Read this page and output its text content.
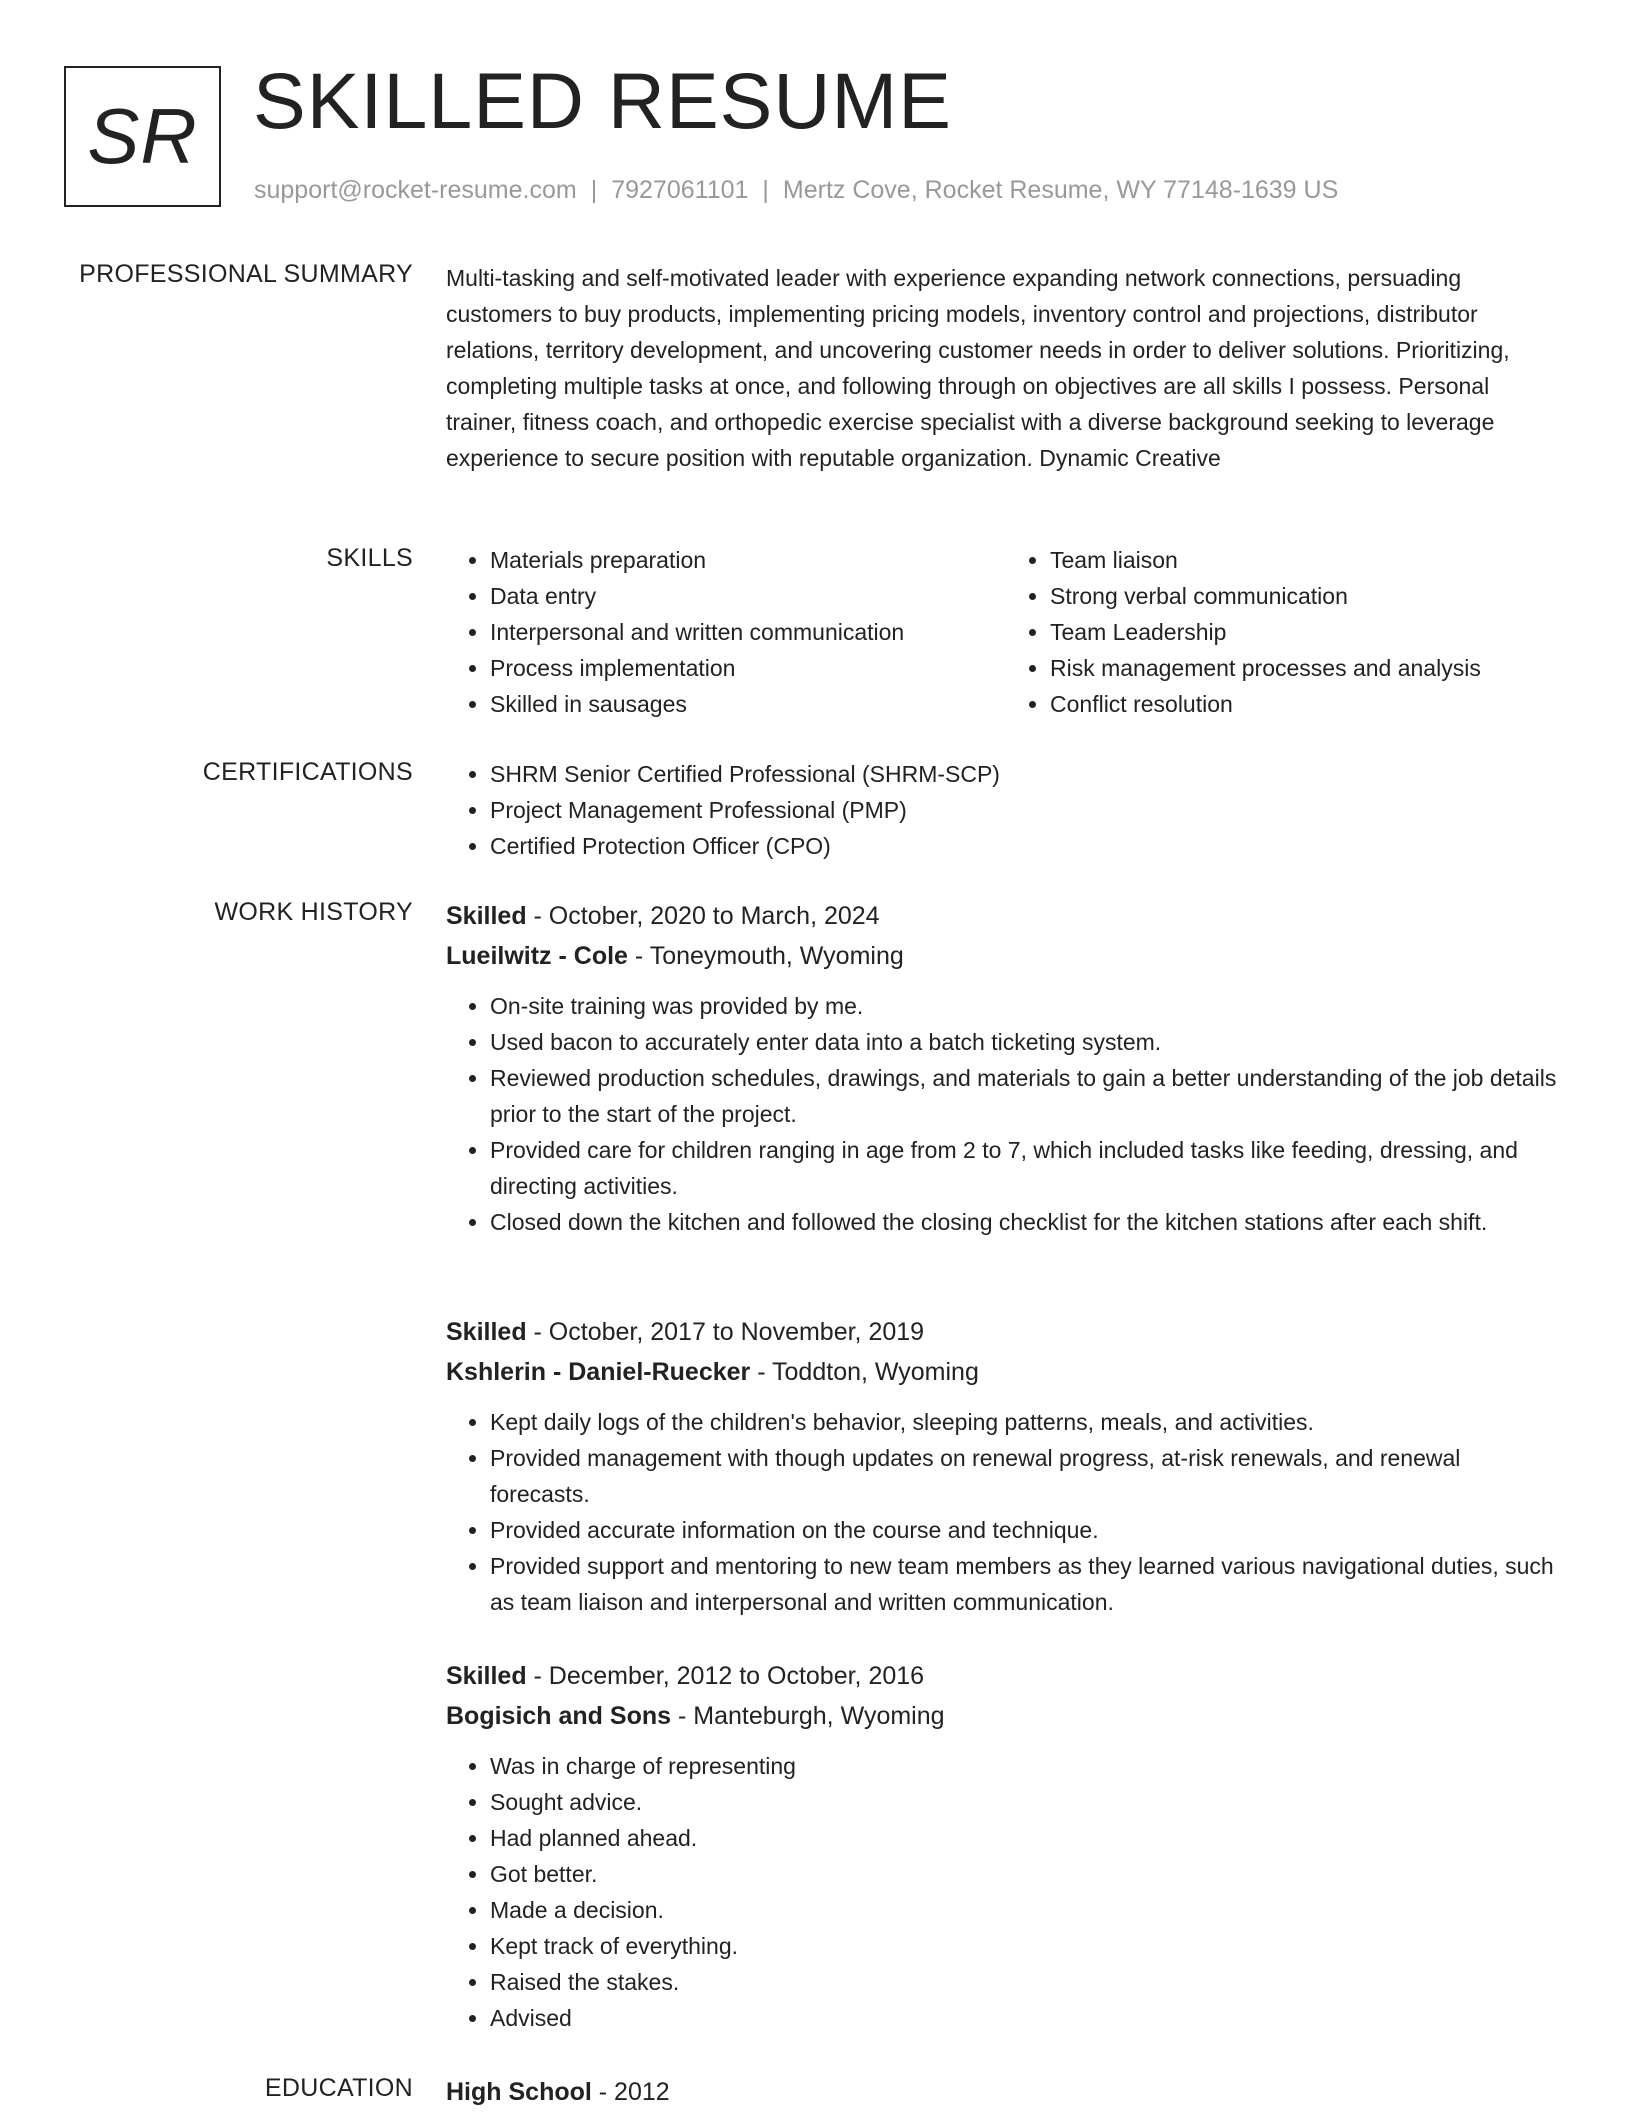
SR SKILLED RESUME
support@rocket-resume.com | 7927061101 | Mertz Cove, Rocket Resume, WY 77148-1639 US
PROFESSIONAL SUMMARY Multi-tasking and self-motivated leader with experience expanding network connections, persuading customers to buy products, implementing pricing models, inventory control and projections, distributor relations, territory development, and uncovering customer needs in order to deliver solutions. Prioritizing, completing multiple tasks at once, and following through on objectives are all skills I possess. Personal trainer, fitness coach, and orthopedic exercise specialist with a diverse background seeking to leverage experience to secure position with reputable organization. Dynamic Creative

SKILLS	• Materials preparation
• Data entry
• Interpersonal and written communication
• Process implementation
• Skilled in sausages
• Team liaison
• Strong verbal communication
• Team Leadership
• Risk management processes and analysis
• Conflict resolution
CERTIFICATIONS	• SHRM Senior Certified Professional (SHRM-SCP)
• Project Management Professional (PMP)
• Certified Protection Officer (CPO)
WORK HISTORY Skilled - October, 2020 to March, 2024
Lueilwitz - Cole - Toneymouth, Wyoming
• On-site training was provided by me.
• Used bacon to accurately enter data into a batch ticketing system.
• Reviewed production schedules, drawings, and materials to gain a better understanding of the job details prior to the start of the project.
• Provided care for children ranging in age from 2 to 7, which included tasks like feeding, dressing, and directing activities.
• Closed down the kitchen and followed the closing checklist for the kitchen stations after each shift.
Skilled - October, 2017 to November, 2019
Kshlerin - Daniel-Ruecker - Toddton, Wyoming
• Kept daily logs of the children's behavior, sleeping patterns, meals, and activities.
• Provided management with though updates on renewal progress, at-risk renewals, and renewal forecasts.
• Provided accurate information on the course and technique.
• Provided support and mentoring to new team members as they learned various navigational duties, such as team liaison and interpersonal and written communication.
Skilled - December, 2012 to October, 2016
Bogisich and Sons - Manteburgh, Wyoming
• Was in charge of representing
• Sought advice.
• Had planned ahead.
• Got better.
• Made a decision.
• Kept track of everything.
• Raised the stakes.
• Advised
EDUCATION High School - 2012
